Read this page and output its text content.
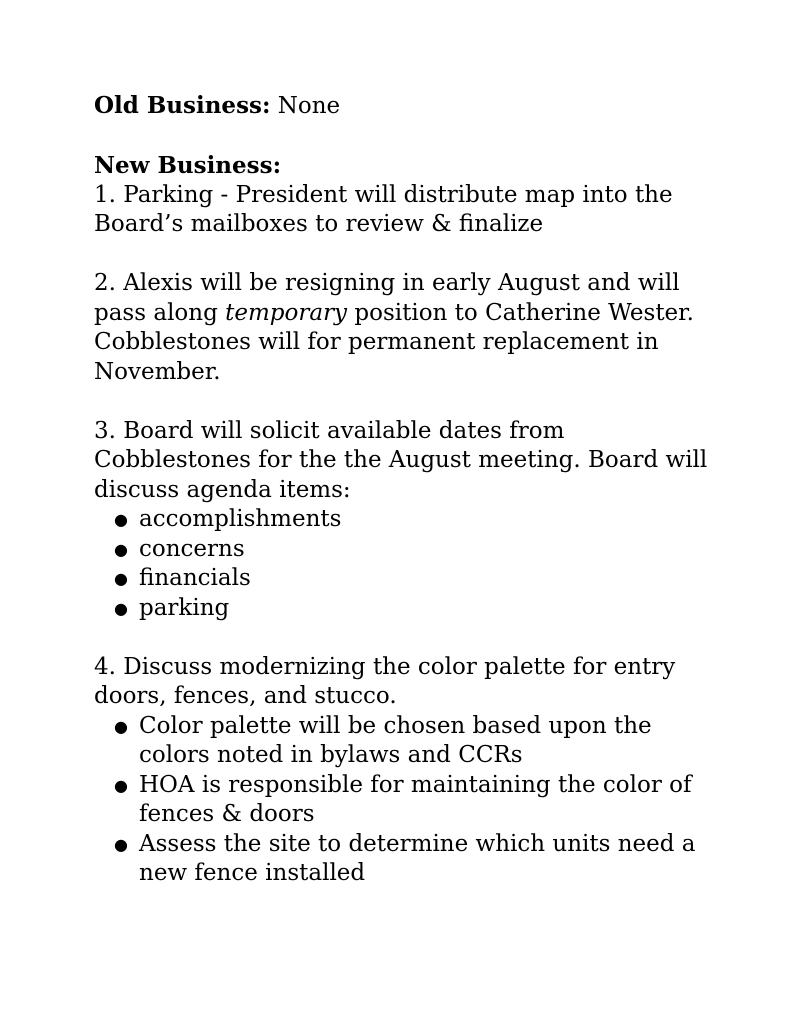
Old Business: None

New Business:

1. Parking - President will distribute map into the
Board’s mailboxes to review & finalize
2. Alexis will be resigning in early August and will
pass along temporary position to Catherine Wester.
Cobblestones will for permanent replacement in
November.
3. Board will solicit available dates from
Cobblestones for the the August meeting. Board will
discuss agenda items:
● accomplishments
● concerns
● financials
● parking
4. Discuss modernizing the color palette for entry
doors, fences, and stucco.
● Color palette will be chosen based upon the
colors noted in bylaws and CCRs
● HOA is responsible for maintaining the color of
fences & doors
● Assess the site to determine which units need a
new fence installed
